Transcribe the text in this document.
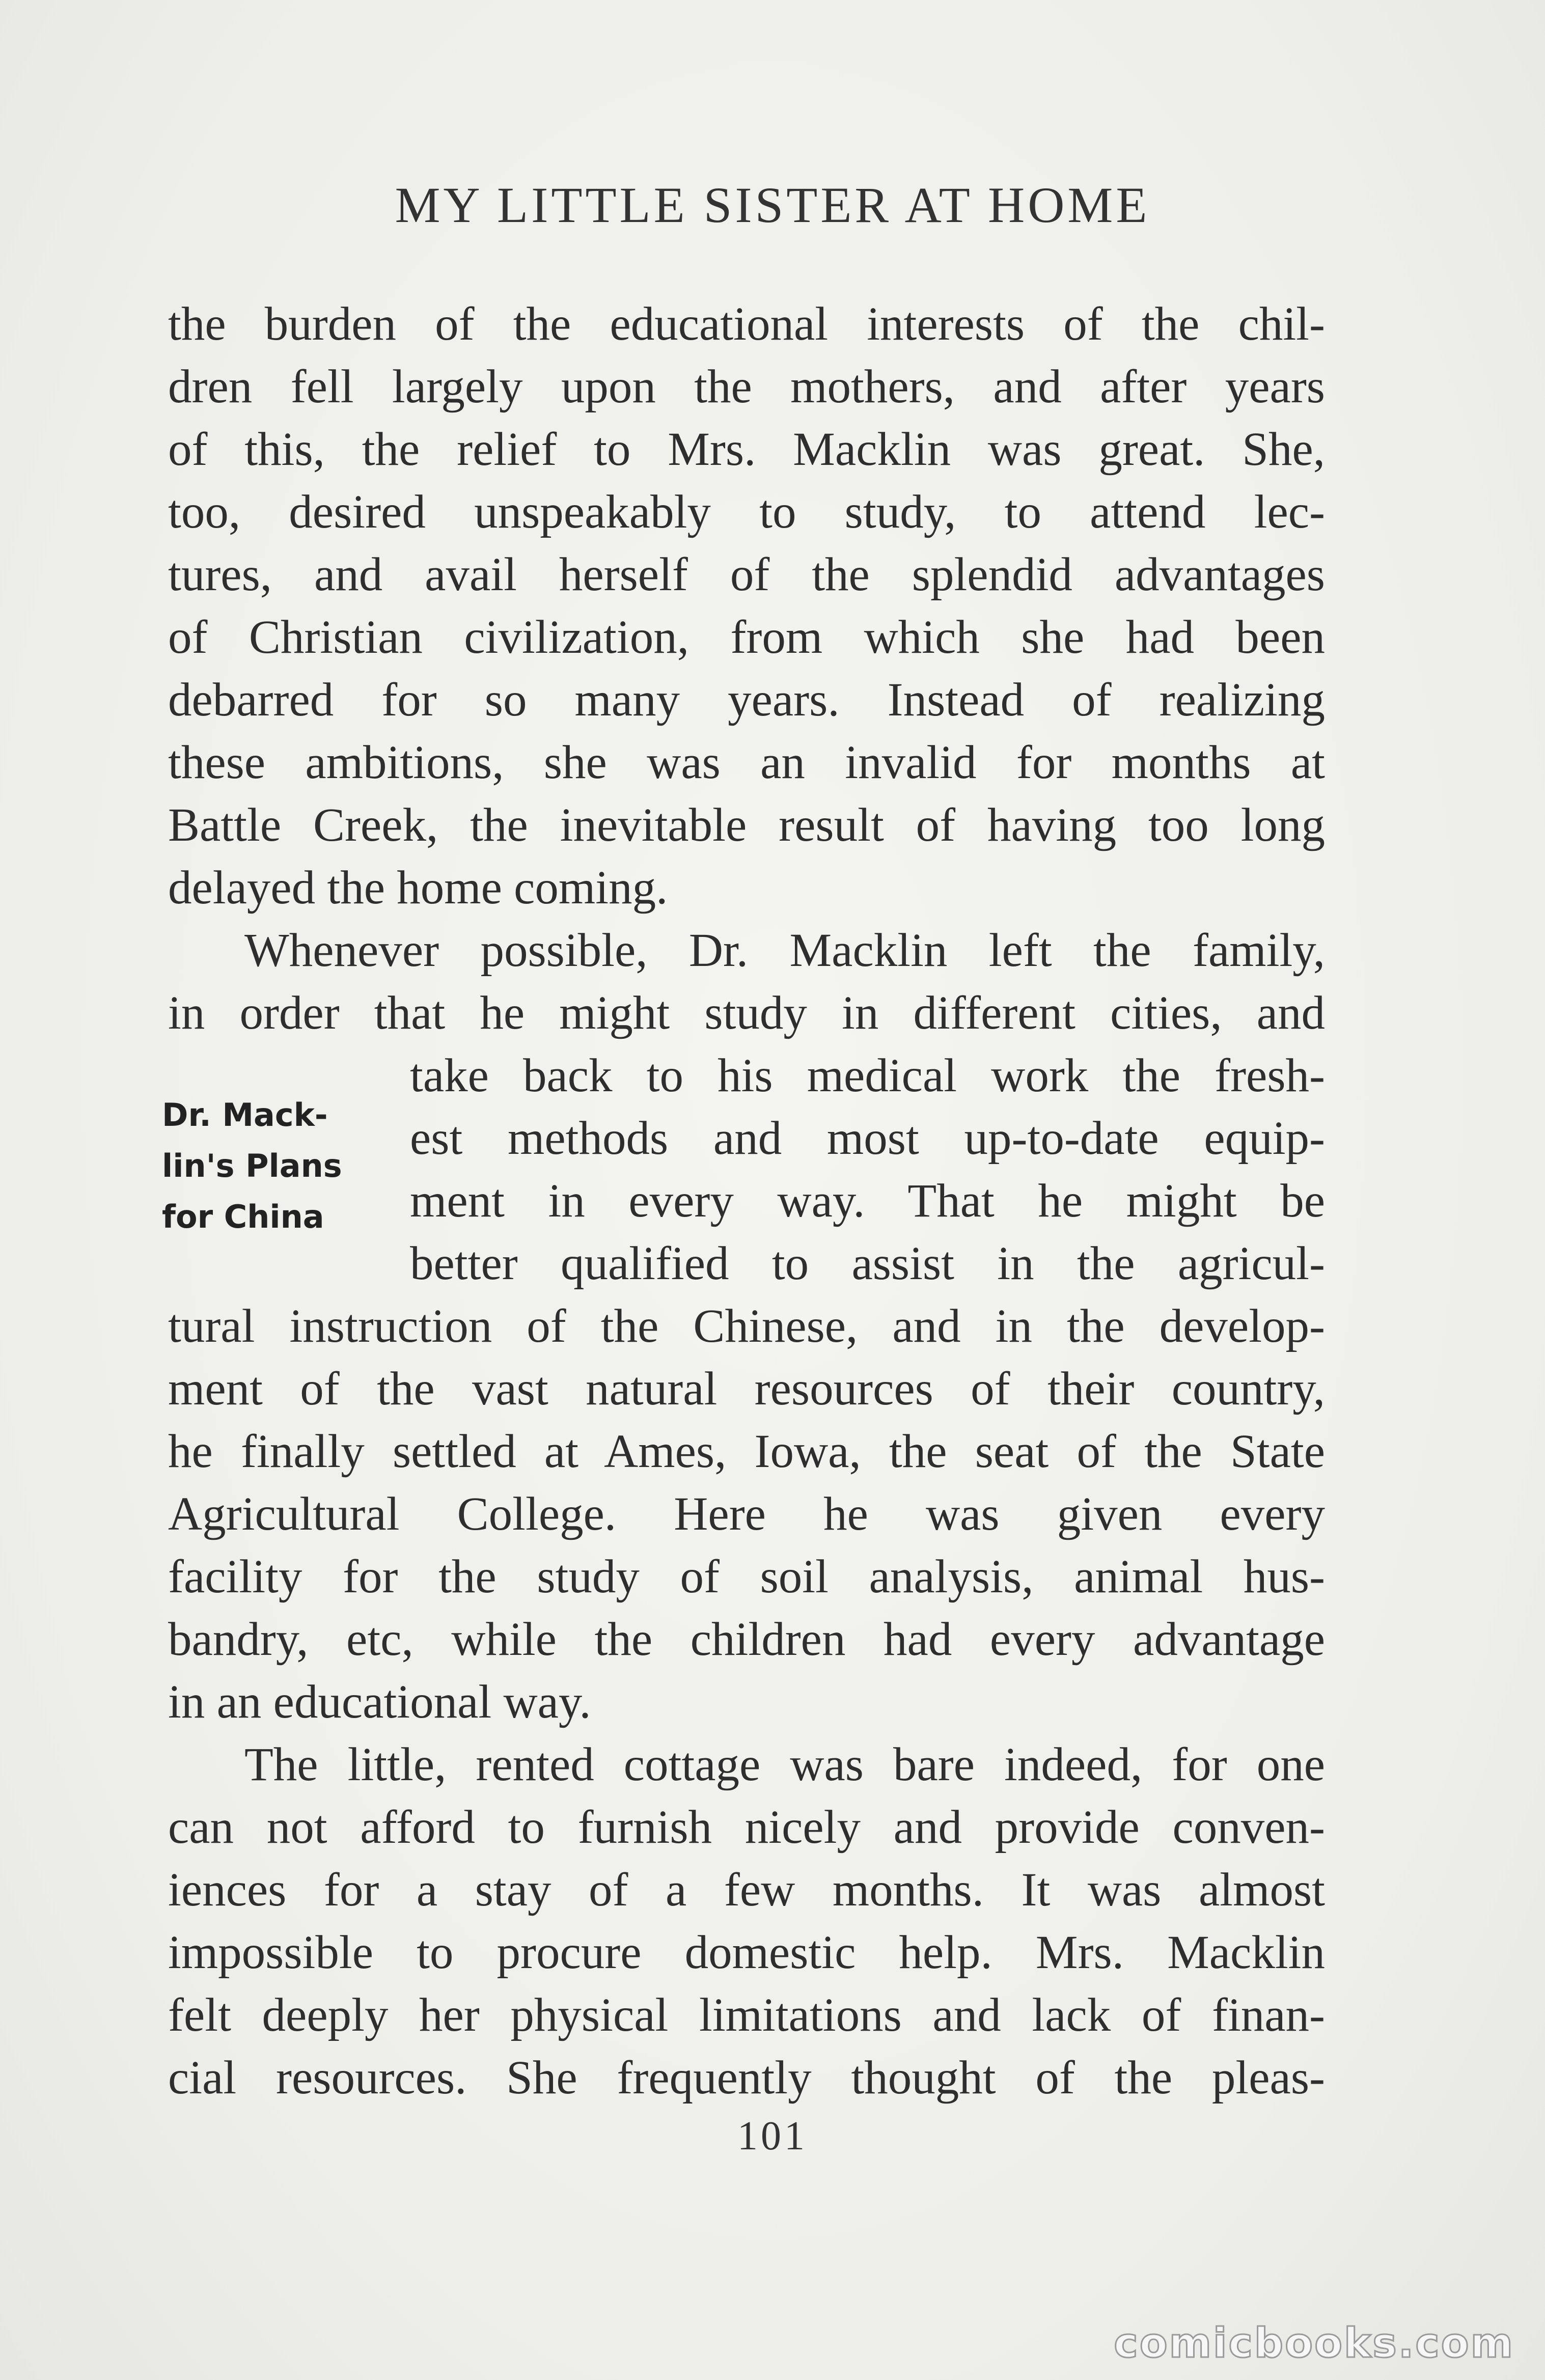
MY LITTLE SISTER AT HOME
the burden of the educational interests of the chil-
dren fell largely upon the mothers, and after years
of this, the relief to Mrs. Macklin was great. She,
too, desired unspeakably to study, to attend lec-
tures, and avail herself of the splendid advantages
of Christian civilization, from which she had been
debarred for so many years. Instead of realizing
these ambitions, she was an invalid for months at
Battle Creek, the inevitable result of having too long
delayed the home coming.
Whenever possible, Dr. Macklin left the family,
in order that he might study in different cities, and
take back to his medical work the fresh-
est methods and most up-to-date equip-
ment in every way. That he might be
better qualified to assist in the agricul-
tural instruction of the Chinese, and in the develop-
ment of the vast natural resources of their country,
he finally settled at Ames, Iowa, the seat of the State
Agricultural College. Here he was given every
facility for the study of soil analysis, animal hus-
bandry, etc, while the children had every advantage
in an educational way.
The little, rented cottage was bare indeed, for one
can not afford to furnish nicely and provide conven-
iences for a stay of a few months. It was almost
impossible to procure domestic help. Mrs. Macklin
felt deeply her physical limitations and lack of finan-
cial resources. She frequently thought of the pleas-
Dr. Mack-
lin's Plans
for China
101
comicbooks.com
